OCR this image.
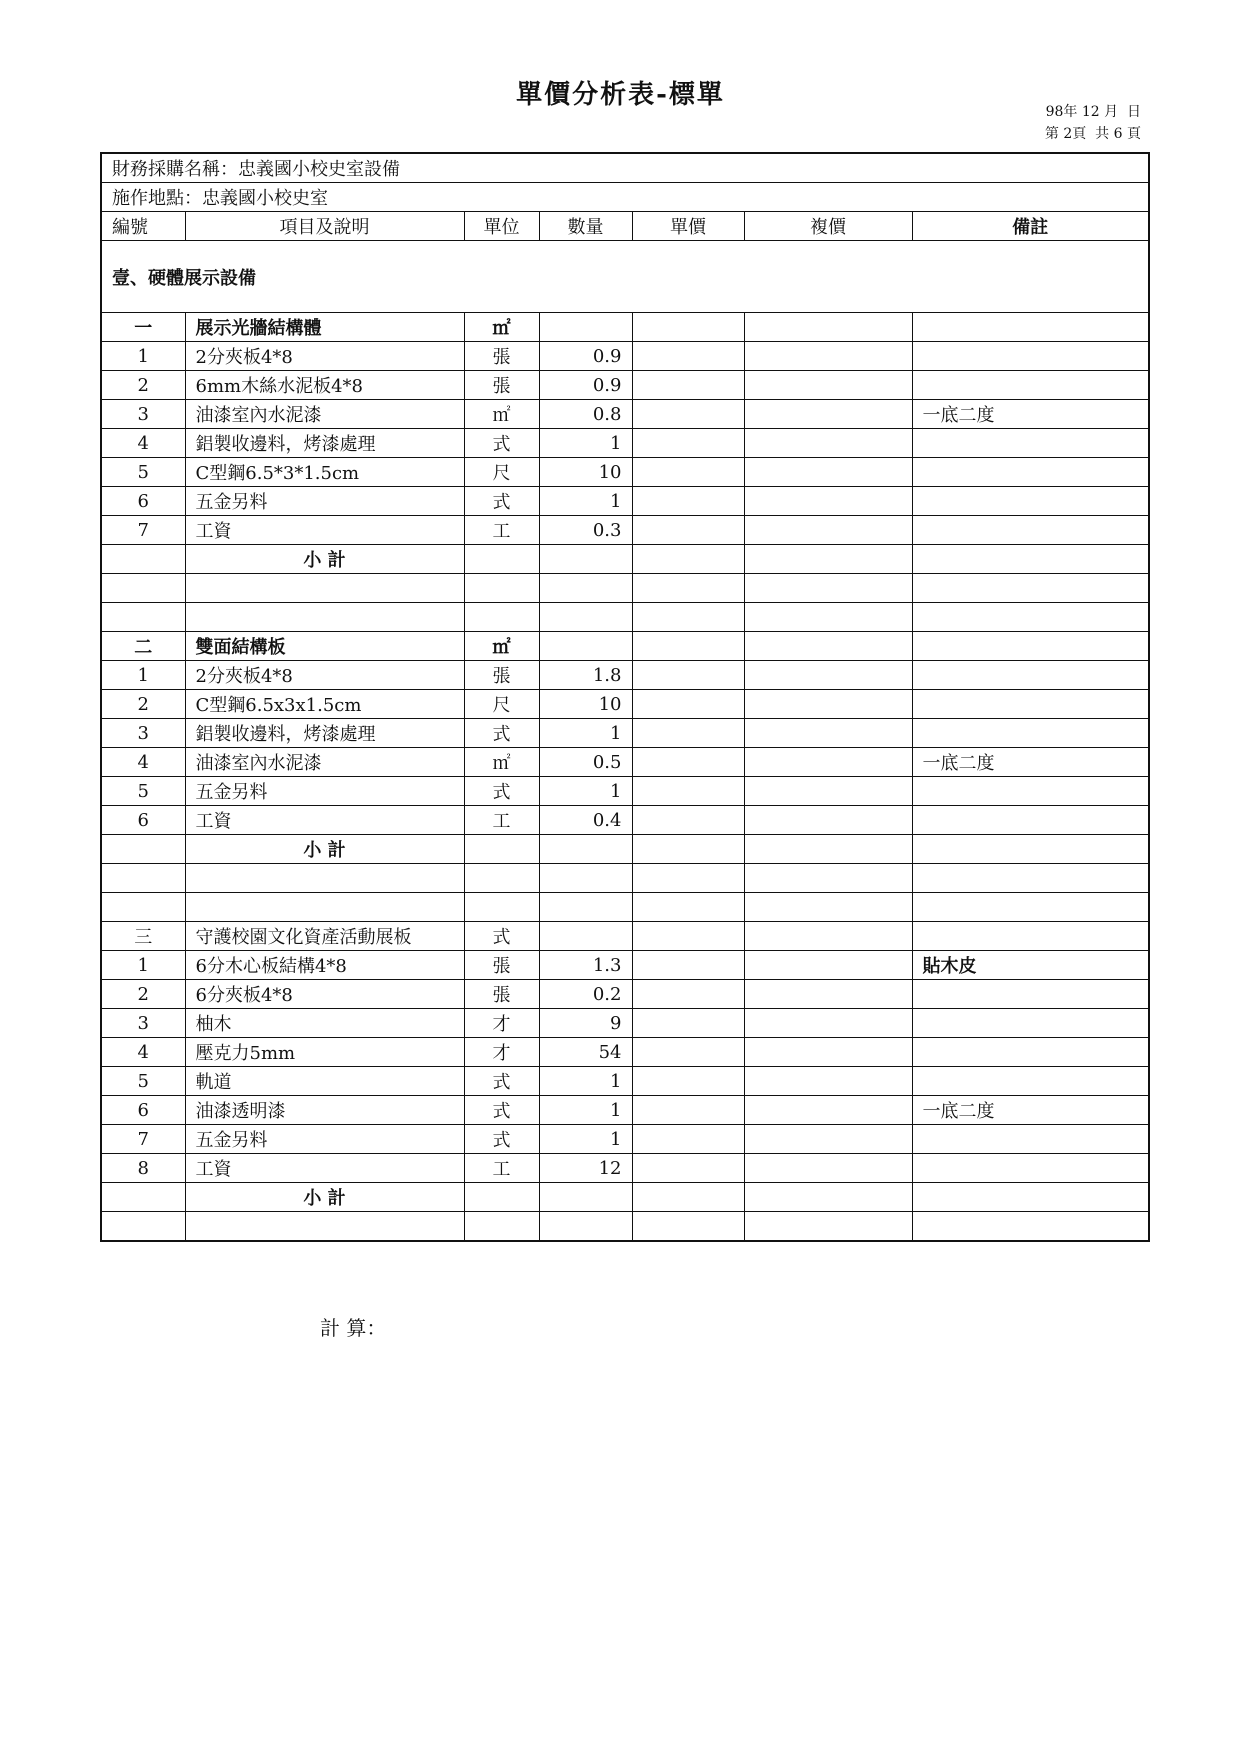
單價分析表-標單
98年 12 月  日
第 2頁  共 6 頁
財務採購名稱：忠義國小校史室設備						
施作地點：忠義國小校史室						
編號	項目及說明	單位	數量	單價	複價	備註
壹、硬體展示設備						
一	展示光牆結構體	㎡				
1	2分夾板4*8	張	0.9			
2	6mm木絲水泥板4*8	張	0.9			
3	油漆室內水泥漆	㎡	0.8			一底二度
4	鋁製收邊料，烤漆處理	式	1			
5	C型鋼6.5*3*1.5cm	尺	10			
6	五金另料	式	1			
7	工資	工	0.3			
	小 計					

二	雙面結構板	㎡				
1	2分夾板4*8	張	1.8			
2	C型鋼6.5x3x1.5cm	尺	10			
3	鋁製收邊料，烤漆處理	式	1			
4	油漆室內水泥漆	㎡	0.5			一底二度
5	五金另料	式	1			
6	工資	工	0.4			
	小 計					

三	守護校園文化資產活動展板	式				
1	6分木心板結構4*8	張	1.3			貼木皮
2	6分夾板4*8	張	0.2			
3	柚木	才	9			
4	壓克力5mm	才	54			
5	軌道	式	1			
6	油漆透明漆	式	1			一底二度
7	五金另料	式	1			
8	工資	工	12			
	小 計					

計 算：
